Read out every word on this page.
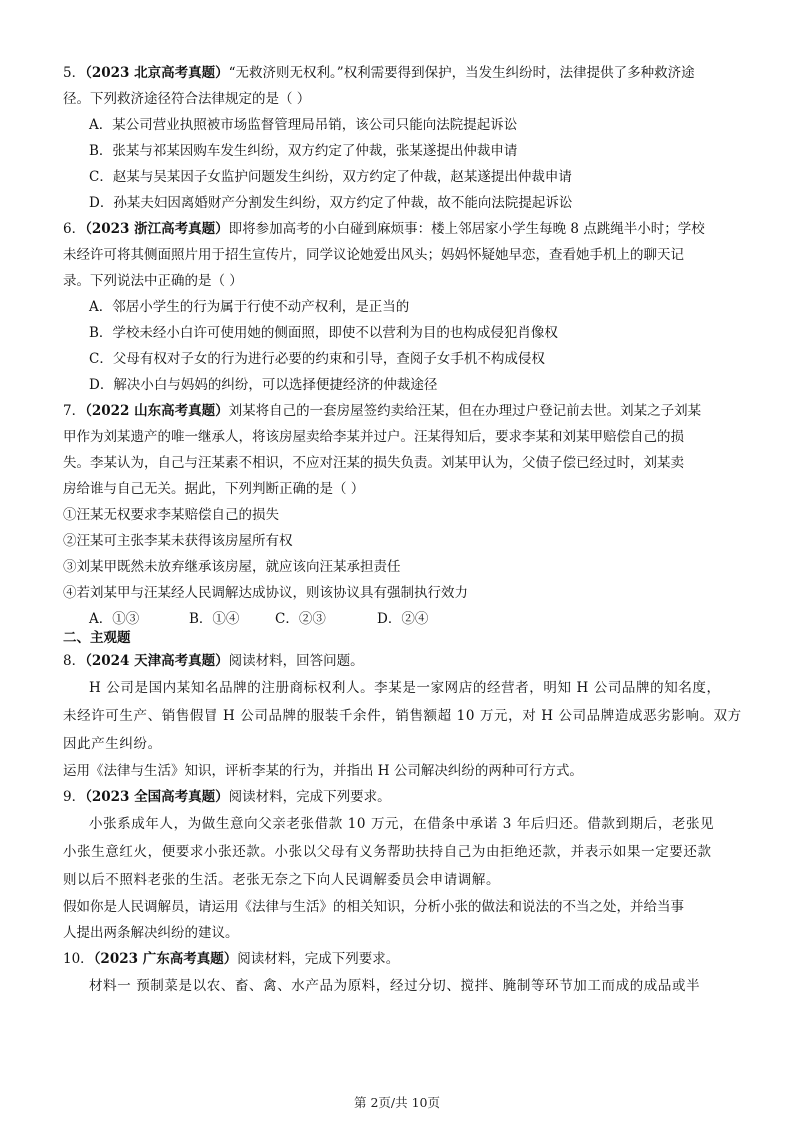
5．（2023 北京高考真题）“无救济则无权利。”权利需要得到保护，当发生纠纷时，法律提供了多种救济途
径。下列救济途径符合法律规定的是（ ）
A．某公司营业执照被市场监督管理局吊销，该公司只能向法院提起诉讼
B．张某与祁某因购车发生纠纷，双方约定了仲裁，张某遂提出仲裁申请
C．赵某与吴某因子女监护问题发生纠纷，双方约定了仲裁，赵某遂提出仲裁申请
D．孙某夫妇因离婚财产分割发生纠纷，双方约定了仲裁，故不能向法院提起诉讼
6．（2023 浙江高考真题）即将参加高考的小白碰到麻烦事：楼上邻居家小学生每晚 8 点跳绳半小时；学校
未经许可将其侧面照片用于招生宣传片，同学议论她爱出风头；妈妈怀疑她早恋，查看她手机上的聊天记
录。下列说法中正确的是（ ）
A．邻居小学生的行为属于行使不动产权利，是正当的
B．学校未经小白许可使用她的侧面照，即使不以营利为目的也构成侵犯肖像权
C．父母有权对子女的行为进行必要的约束和引导，查阅子女手机不构成侵权
D．解决小白与妈妈的纠纷，可以选择便捷经济的仲裁途径
7．（2022 山东高考真题）刘某将自己的一套房屋签约卖给汪某，但在办理过户登记前去世。刘某之子刘某
甲作为刘某遗产的唯一继承人，将该房屋卖给李某并过户。汪某得知后，要求李某和刘某甲赔偿自己的损
失。李某认为，自己与汪某素不相识，不应对汪某的损失负责。刘某甲认为，父债子偿已经过时，刘某卖
房给谁与自己无关。据此，下列判断正确的是（ ）
①汪某无权要求李某赔偿自己的损失
②汪某可主张李某未获得该房屋所有权
③刘某甲既然未放弃继承该房屋，就应该向汪某承担责任
④若刘某甲与汪某经人民调解达成协议，则该协议具有强制执行效力
A．①③	B．①④	C．②③	D．②④
二、主观题
8．（2024 天津高考真题）阅读材料，回答问题。
H 公司是国内某知名品牌的注册商标权利人。李某是一家网店的经营者，明知 H 公司品牌的知名度，
未经许可生产、销售假冒 H 公司品牌的服装千余件，销售额超 10 万元，对 H 公司品牌造成恶劣影响。双方
因此产生纠纷。
运用《法律与生活》知识，评析李某的行为，并指出 H 公司解决纠纷的两种可行方式。
9．（2023 全国高考真题）阅读材料，完成下列要求。
小张系成年人，为做生意向父亲老张借款 10 万元，在借条中承诺 3 年后归还。借款到期后，老张见
小张生意红火，便要求小张还款。小张以父母有义务帮助扶持自己为由拒绝还款，并表示如果一定要还款
则以后不照料老张的生活。老张无奈之下向人民调解委员会申请调解。
假如你是人民调解员，请运用《法律与生活》的相关知识，分析小张的做法和说法的不当之处，并给当事
人提出两条解决纠纷的建议。
10．（2023 广东高考真题）阅读材料，完成下列要求。
材料一 预制菜是以农、畜、禽、水产品为原料，经过分切、搅拌、腌制等环节加工而成的成品或半
第 2页/共 10页
